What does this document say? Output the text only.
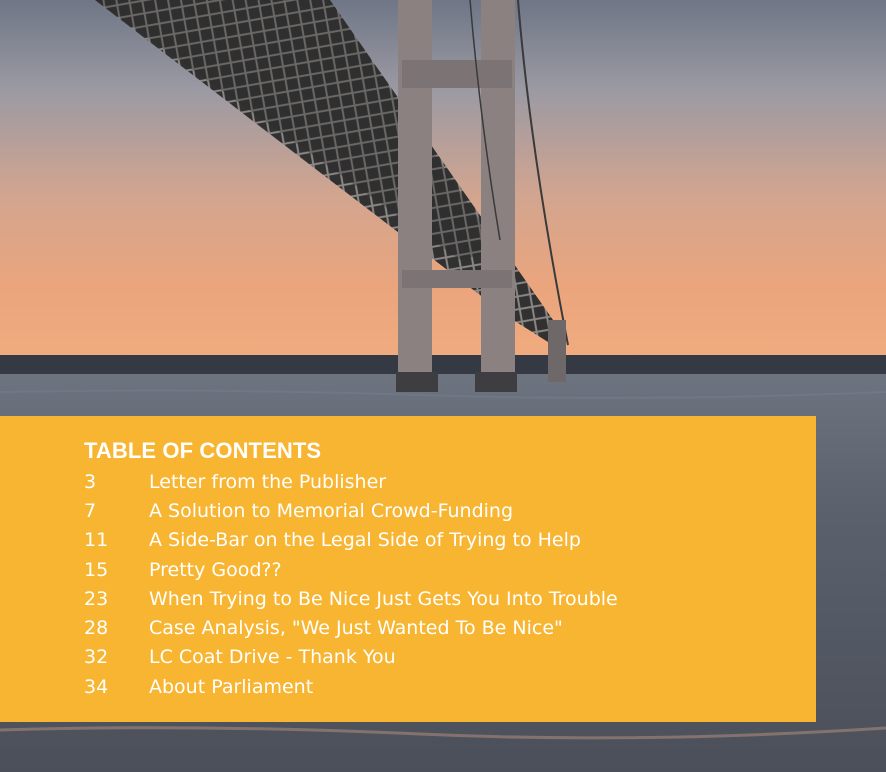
TABLE OF CONTENTS
3	Letter from the Publisher
7	A Solution to Memorial Crowd-Funding
11	A Side-Bar on the Legal Side of Trying to Help
15	Pretty Good??
23	When Trying to Be Nice Just Gets You Into Trouble
28	Case Analysis, "We Just Wanted To Be Nice"
32	LC Coat Drive - Thank You
34	About Parliament
